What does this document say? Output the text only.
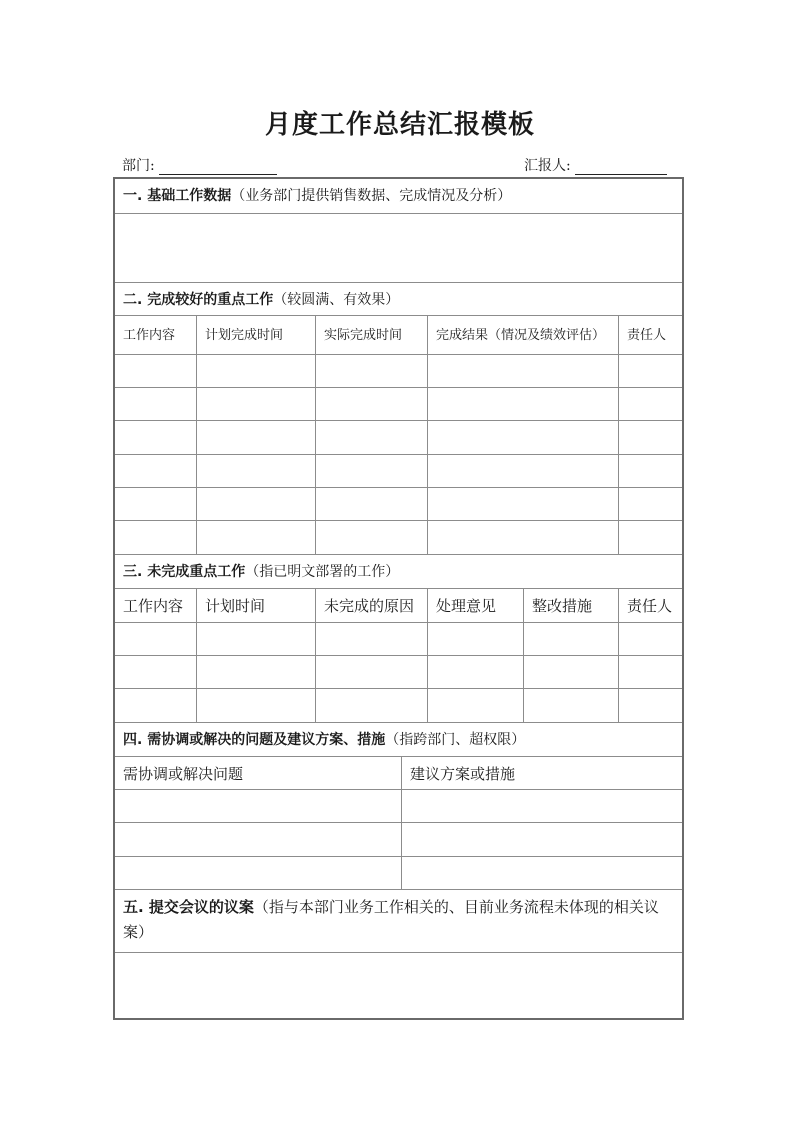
月度工作总结汇报模板
部门:	汇报人:
一. 基础工作数据（业务部门提供销售数据、完成情况及分析）
二. 完成较好的重点工作（较圆满、有效果）
工作内容	计划完成时间	实际完成时间	完成结果（情况及绩效评估）	责任人
三. 未完成重点工作（指已明文部署的工作）
工作内容	计划时间	未完成的原因	处理意见	整改措施	责任人
四. 需协调或解决的问题及建议方案、措施（指跨部门、超权限）
需协调或解决问题	建议方案或措施
五. 提交会议的议案（指与本部门业务工作相关的、目前业务流程未体现的相关议案）
